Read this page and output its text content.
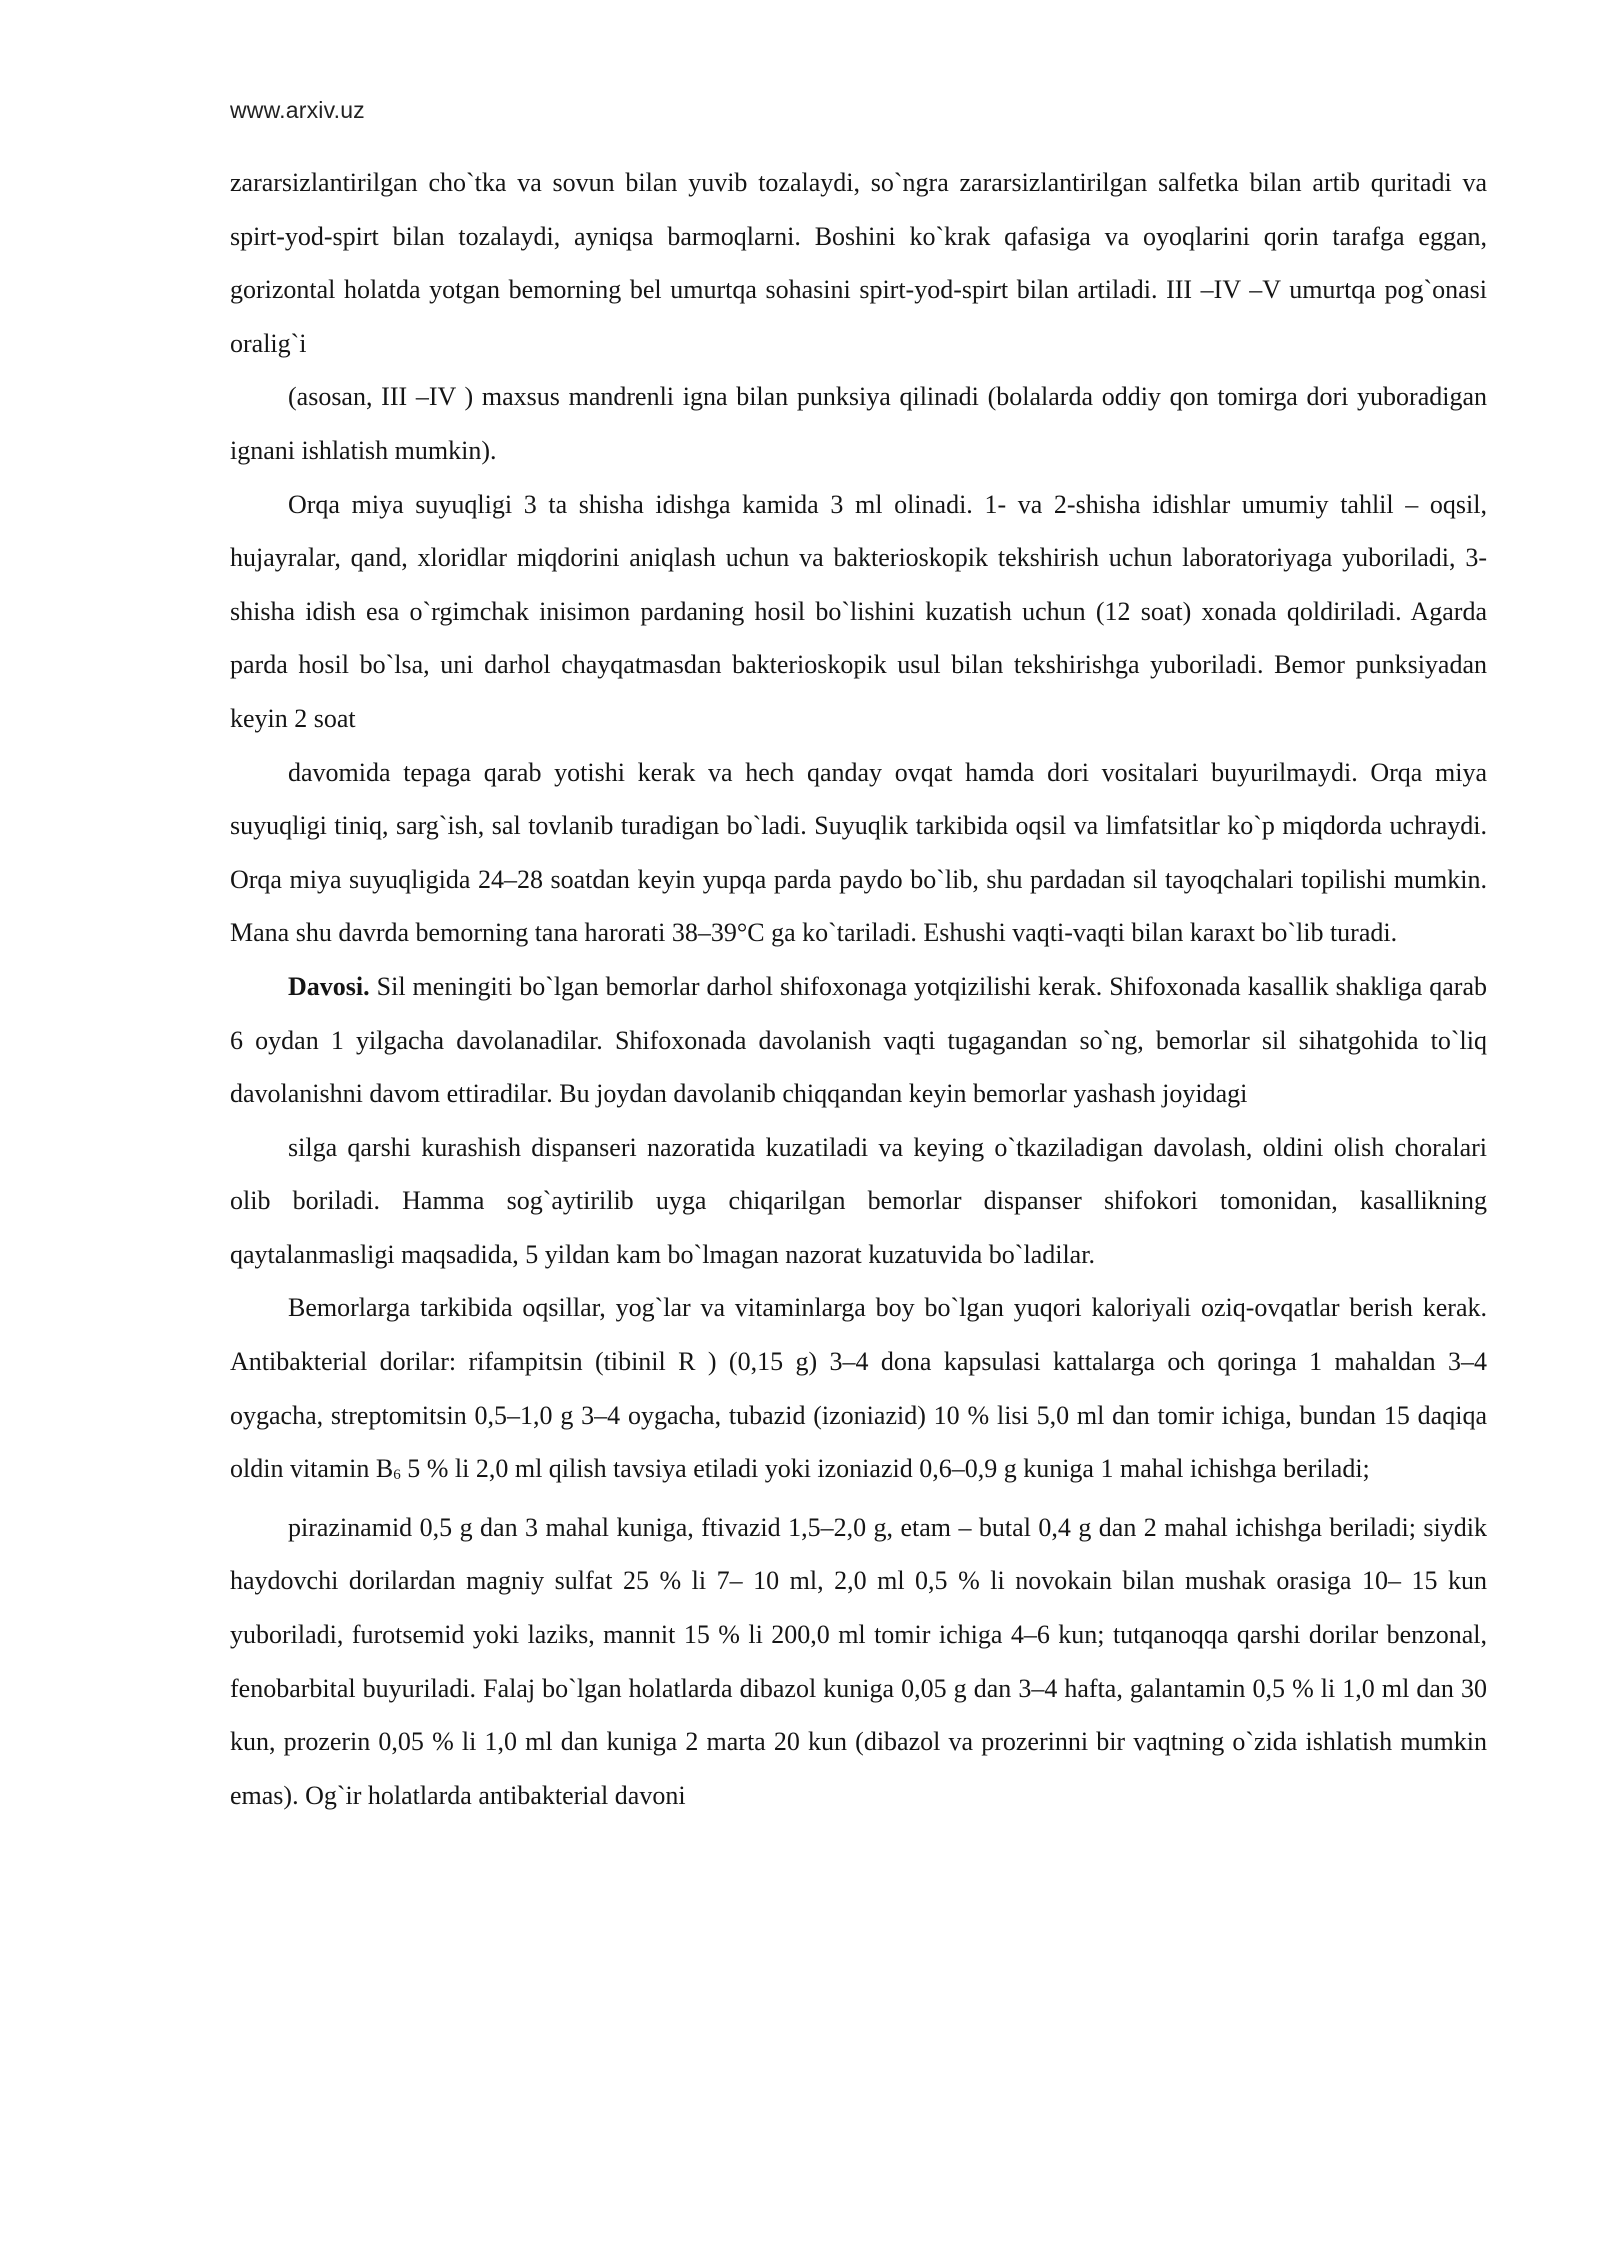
www.arxiv.uz

zararsizlantirilgan cho`tka va sovun bilan yuvib tozalaydi, so`ngra zararsizlantirilgan salfetka bilan artib quritadi va spirt-yod-spirt bilan tozalaydi, ayniqsa barmoqlarni. Boshini ko`krak qafasiga va oyoqlarini qorin tarafga eggan, gorizontal holatda yotgan bemorning bel umurtqa sohasini spirt-yod-spirt bilan artiladi. III –IV –V umurtqa pog`onasi oralig`i

(asosan, III –IV ) maxsus mandrenli igna bilan punksiya qilinadi (bolalarda oddiy qon tomirga dori yuboradigan ignani ishlatish mumkin).

Orqa miya suyuqligi 3 ta shisha idishga kamida 3 ml olinadi. 1- va 2-shisha idishlar umumiy tahlil – oqsil, hujayralar, qand, xloridlar miqdorini aniqlash uchun va bakterioskopik tekshirish uchun laboratoriyaga yuboriladi, 3-shisha idish esa o`rgimchak inisimon pardaning hosil bo`lishini kuzatish uchun (12 soat) xonada qoldiriladi. Agarda parda hosil bo`lsa, uni darhol chayqatmasdan bakterioskopik usul bilan tekshirishga yuboriladi. Bemor punksiyadan keyin 2 soat

davomida tepaga qarab yotishi kerak va hech qanday ovqat hamda dori vositalari buyurilmaydi. Orqa miya suyuqligi tiniq, sarg`ish, sal tovlanib turadigan bo`ladi. Suyuqlik tarkibida oqsil va limfatsitlar ko`p miqdorda uchraydi. Orqa miya suyuqligida 24–28 soatdan keyin yupqa parda paydo bo`lib, shu pardadan sil tayoqchalari topilishi mumkin. Mana shu davrda bemorning tana harorati 38–39°C ga ko`tariladi. Eshushi vaqti-vaqti bilan karaxt bo`lib turadi.

Davosi. Sil meningiti bo`lgan bemorlar darhol shifoxonaga yotqizilishi kerak. Shifoxonada kasallik shakliga qarab 6 oydan 1 yilgacha davolanadilar. Shifoxonada davolanish vaqti tugagandan so`ng, bemorlar sil sihatgohida to`liq davolanishni davom ettiradilar. Bu joydan davolanib chiqqandan keyin bemorlar yashash joyidagi

silga qarshi kurashish dispanseri nazoratida kuzatiladi va keying o`tkaziladigan davolash, oldini olish choralari olib boriladi. Hamma sog`aytirilib uyga chiqarilgan bemorlar dispanser shifokori tomonidan, kasallikning qaytalanmasligi maqsadida, 5 yildan kam bo`lmagan nazorat kuzatuvida bo`ladilar.

Bemorlarga tarkibida oqsillar, yog`lar va vitaminlarga boy bo`lgan yuqori kaloriyali oziq-ovqatlar berish kerak. Antibakterial dorilar: rifampitsin (tibinil R ) (0,15 g) 3–4 dona kapsulasi kattalarga och qoringa 1 mahaldan 3–4 oygacha, streptomitsin 0,5–1,0 g 3–4 oygacha, tubazid (izoniazid) 10 % lisi 5,0 ml dan tomir ichiga, bundan 15 daqiqa oldin vitamin $B_6$ 5 % li 2,0 ml qilish tavsiya etiladi yoki izoniazid 0,6–0,9 g kuniga 1 mahal ichishga beriladi;

pirazinamid 0,5 g dan 3 mahal kuniga, ftivazid 1,5–2,0 g, etam – butal 0,4 g dan 2 mahal ichishga beriladi; siydik haydovchi dorilardan magniy sulfat 25 % li 7– 10 ml, 2,0 ml 0,5 % li novokain bilan mushak orasiga 10– 15 kun yuboriladi, furotsemid yoki laziks, mannit 15 % li 200,0 ml tomir ichiga 4–6 kun; tutqanoqqa qarshi dorilar benzonal, fenobarbital buyuriladi. Falaj bo`lgan holatlarda dibazol kuniga 0,05 g dan 3–4 hafta, galantamin 0,5 % li 1,0 ml dan 30 kun, prozerin 0,05 % li 1,0 ml dan kuniga 2 marta 20 kun (dibazol va prozerinni bir vaqtning o`zida ishlatish mumkin emas). Og`ir holatlarda antibakterial davoni
